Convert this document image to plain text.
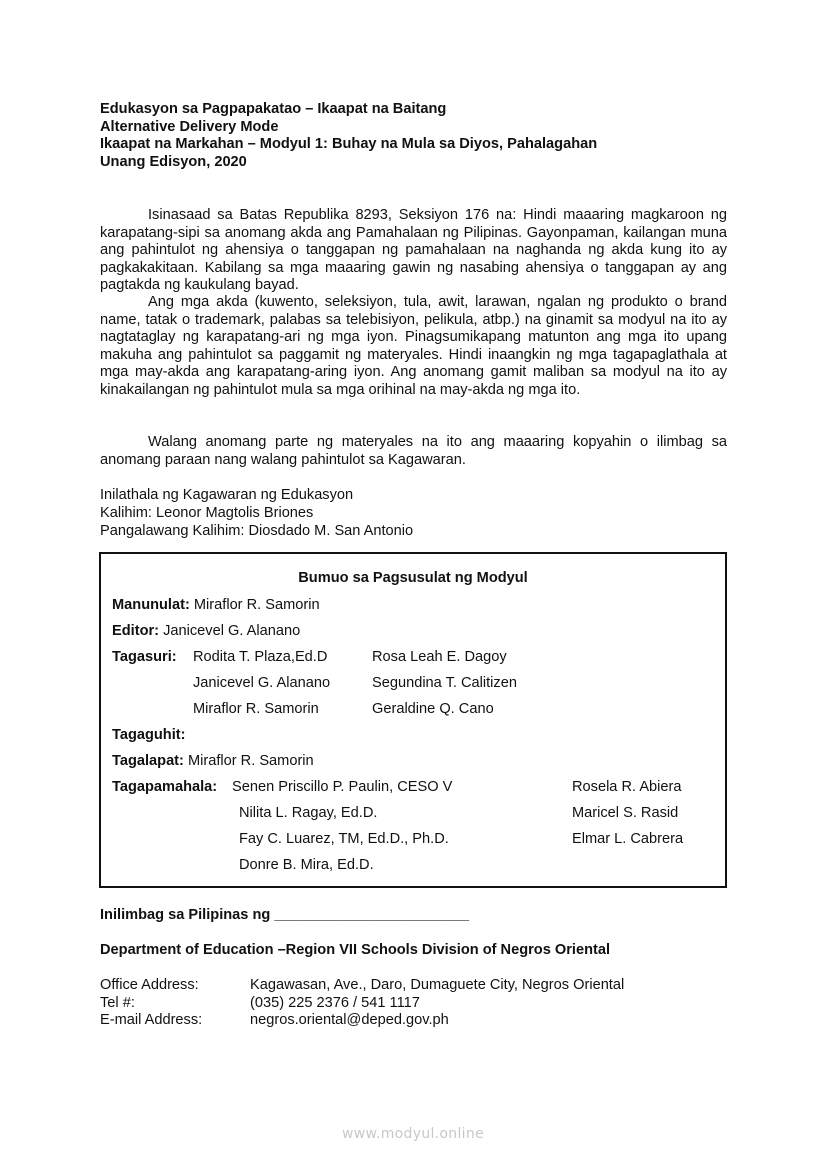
Edukasyon sa Pagpapakatao – Ikaapat na Baitang
Alternative Delivery Mode
Ikaapat na Markahan – Modyul 1: Buhay na Mula sa Diyos, Pahalagahan
Unang Edisyon, 2020

Isinasaad sa Batas Republika 8293, Seksiyon 176 na: Hindi maaaring magkaroon ng karapatang-sipi sa anomang akda ang Pamahalaan ng Pilipinas. Gayonpaman, kailangan muna ang pahintulot ng ahensiya o tanggapan ng pamahalaan na naghanda ng akda kung ito ay pagkakakitaan. Kabilang sa mga maaaring gawin ng nasabing ahensiya o tanggapan ay ang pagtakda ng kaukulang bayad.

Ang mga akda (kuwento, seleksiyon, tula, awit, larawan, ngalan ng produkto o brand name, tatak o trademark, palabas sa telebisiyon, pelikula, atbp.) na ginamit sa modyul na ito ay nagtataglay ng karapatang-ari ng mga iyon. Pinagsumikapang matunton ang mga ito upang makuha ang pahintulot sa paggamit ng materyales. Hindi inaangkin ng mga tagapaglathala at mga may-akda ang karapatang-aring iyon. Ang anomang gamit maliban sa modyul na ito ay kinakailangan ng pahintulot mula sa mga orihinal na may-akda ng mga ito.

Walang anomang parte ng materyales na ito ang maaaring kopyahin o ilimbag sa anomang paraan nang walang pahintulot sa Kagawaran.

Inilathala ng Kagawaran ng Edukasyon
Kalihim: Leonor Magtolis Briones
Pangalawang Kalihim: Diosdado M. San Antonio
Bumuo sa Pagsusulat ng Modyul
Manunulat: Miraflor R. Samorin
Editor: Janicevel G. Alanano
Tagasuri: Rodita T. Plaza,Ed.D	Rosa Leah E. Dagoy
Janicevel G. Alanano	Segundina T. Calitizen
Miraflor R. Samorin	Geraldine Q. Cano
Tagaguhit:
Tagalapat: Miraflor R. Samorin
Tagapamahala: Senen Priscillo P. Paulin, CESO V	Rosela R. Abiera
Nilita L. Ragay, Ed.D.	Maricel S. Rasid
Fay C. Luarez, TM, Ed.D., Ph.D.	Elmar L. Cabrera
Donre B. Mira, Ed.D.
Inilimbag sa Pilipinas ng ________________________
Department of Education –Region VII Schools Division of Negros Oriental
Office Address:	Kagawasan, Ave., Daro, Dumaguete City, Negros Oriental
Tel #:	(035) 225 2376 / 541 1117
E-mail Address:	negros.oriental@deped.gov.ph
www.modyul.online
